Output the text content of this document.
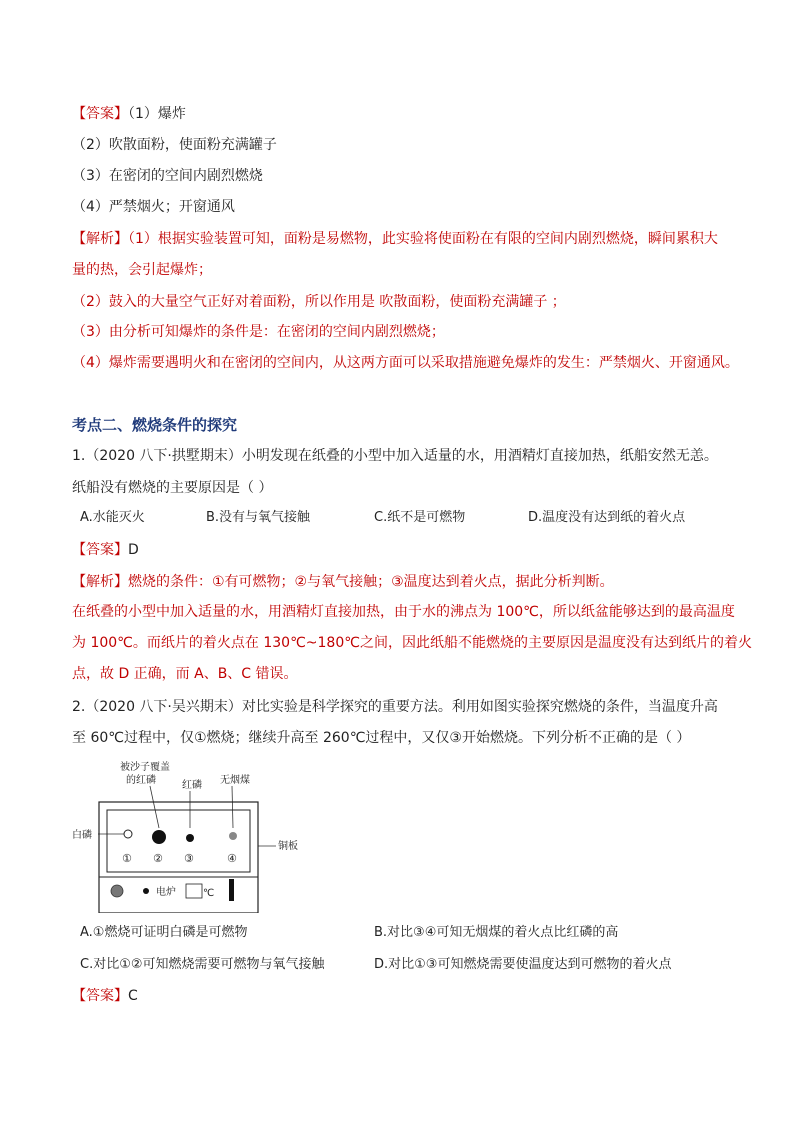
【答案】（1）爆炸
（2）吹散面粉，使面粉充满罐子
（3）在密闭的空间内剧烈燃烧
（4）严禁烟火；开窗通风
【解析】（1）根据实验装置可知，面粉是易燃物，此实验将使面粉在有限的空间内剧烈燃烧，瞬间累积大
量的热，会引起爆炸；
（2）鼓入的大量空气正好对着面粉，所以作用是 吹散面粉，使面粉充满罐子 ；
（3）由分析可知爆炸的条件是：在密闭的空间内剧烈燃烧；
（4）爆炸需要遇明火和在密闭的空间内，从这两方面可以采取措施避免爆炸的发生：严禁烟火、开窗通风。
考点二、燃烧条件的探究
1.（2020 八下·拱墅期末）小明发现在纸叠的小型中加入适量的水，用酒精灯直接加热，纸船安然无恙。
纸船没有燃烧的主要原因是（ ）
A.水能灭火	B.没有与氧气接触	C.纸不是可燃物	D.温度没有达到纸的着火点
【答案】D
【解析】燃烧的条件：①有可燃物；②与氧气接触；③温度达到着火点，据此分析判断。
在纸叠的小型中加入适量的水，用酒精灯直接加热，由于水的沸点为 100℃，所以纸盆能够达到的最高温度
为 100℃。而纸片的着火点在 130℃~180℃之间，因此纸船不能燃烧的主要原因是温度没有达到纸片的着火
点，故 D 正确，而 A、B、C 错误。
2.（2020 八下·吴兴期末）对比实验是科学探究的重要方法。利用如图实验探究燃烧的条件，当温度升高
至 60℃过程中，仅①燃烧；继续升高至 260℃过程中，又仅③开始燃烧。下列分析不正确的是（ ）
被沙子覆盖
的红磷	红磷 无烟煤
白磷
铜板
① ② ③	④
电炉	℃
A.①燃烧可证明白磷是可燃物	B.对比③④可知无烟煤的着火点比红磷的高
C.对比①②可知燃烧需要可燃物与氧气接触	D.对比①③可知燃烧需要使温度达到可燃物的着火点
【答案】C
